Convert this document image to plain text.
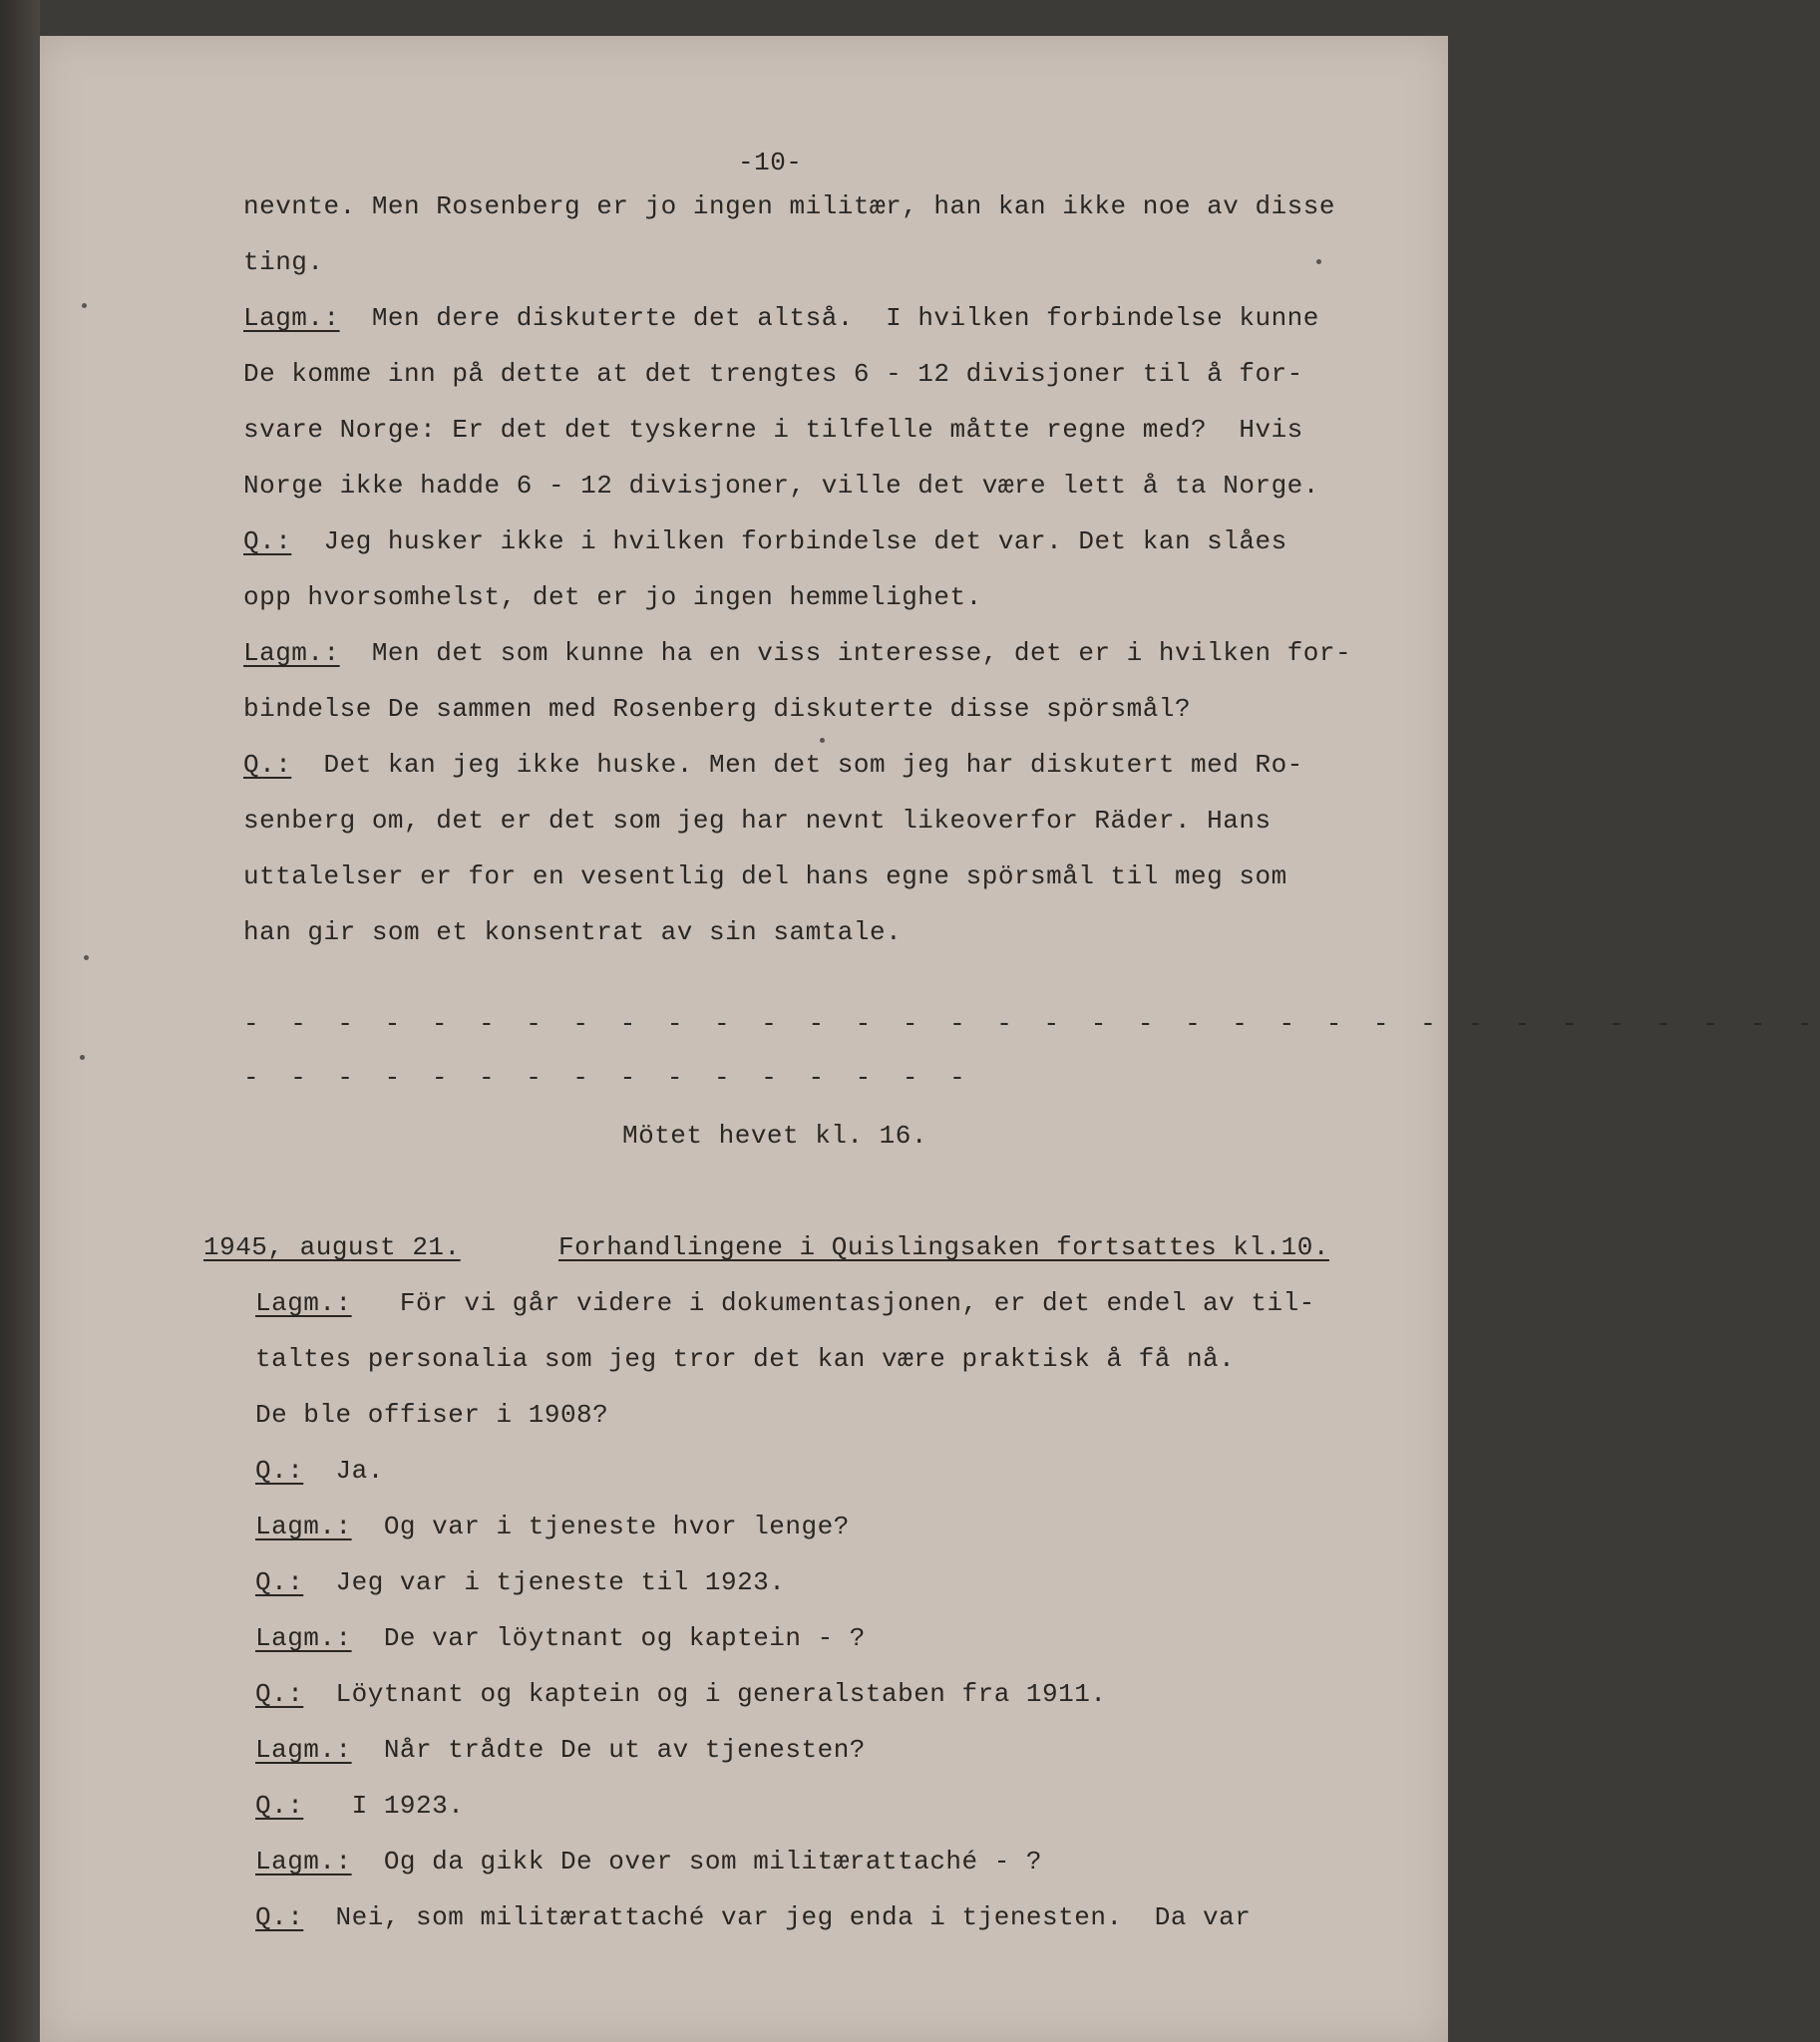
-10-
nevnte. Men Rosenberg er jo ingen militær, han kan ikke noe av disse
ting.
Lagm.:  Men dere diskuterte det altså.  I hvilken forbindelse kunne
De komme inn på dette at det trengtes 6 - 12 divisjoner til å for-
svare Norge: Er det det tyskerne i tilfelle måtte regne med?  Hvis
Norge ikke hadde 6 - 12 divisjoner, ville det være lett å ta Norge.
Q.:  Jeg husker ikke i hvilken forbindelse det var. Det kan slåes
opp hvorsomhelst, det er jo ingen hemmelighet.
Lagm.:  Men det som kunne ha en viss interesse, det er i hvilken for-
bindelse De sammen med Rosenberg diskuterte disse spörsmål?
Q.:  Det kan jeg ikke huske. Men det som jeg har diskutert med Ro-
senberg om, det er det som jeg har nevnt likeoverfor Räder. Hans
uttalelser er for en vesentlig del hans egne spörsmål til meg som
han gir som et konsentrat av sin samtale.
- - - - - - - - - - - - - - - - - - - - - - - - - - - - - - - - - -
- - - - - - - - - - - - - - - -
Mötet hevet kl. 16.
1945, august 21.	Forhandlingene i Quislingsaken fortsattes kl.10.
Lagm.:   För vi går videre i dokumentasjonen, er det endel av til-
taltes personalia som jeg tror det kan være praktisk å få nå.
De ble offiser i 1908?
Q.:  Ja.
Lagm.:  Og var i tjeneste hvor lenge?
Q.:  Jeg var i tjeneste til 1923.
Lagm.:  De var löytnant og kaptein - ?
Q.:  Löytnant og kaptein og i generalstaben fra 1911.
Lagm.:  Når trådte De ut av tjenesten?
Q.:   I 1923.
Lagm.:  Og da gikk De over som militærattaché - ?
Q.:  Nei, som militærattaché var jeg enda i tjenesten.  Da var
